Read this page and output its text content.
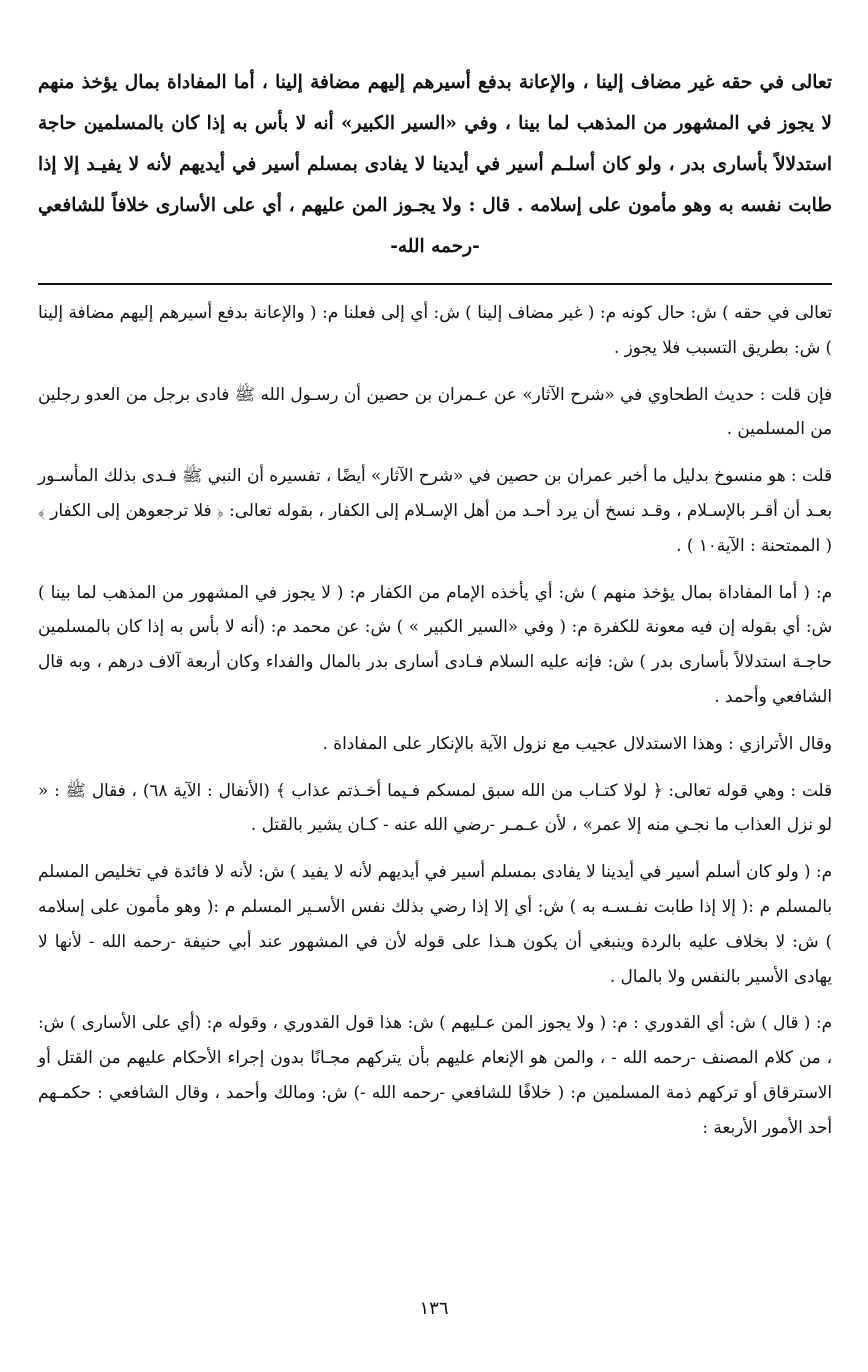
تعالى في حقه غير مضاف إلينا ، والإعانة بدفع أسيرهم إليهم مضافة إلينا ، أما المفاداة بمال يؤخذ منهم لا يجوز في المشهور من المذهب لما بينا ، وفي «السير الكبير» أنه لا بأس به إذا كان بالمسلمين حاجة استدلالاً بأسارى بدر ، ولو كان أسلـم أسير في أيدينا لا يفادى بمسلم أسير في أيديهم لأنه لا يفيـد إلا إذا طابت نفسه به وهو مأمون على إسلامه . قال : ولا يجـوز المن عليهم ، أي على الأسارى خلافاً للشافعي -رحمه الله-

تعالى في حقه ) ش: حال كونه م: ( غير مضاف إلينا ) ش: أي إلى فعلنا م: ( والإعانة بدفع أسيرهم إليهم مضافة إلينا ) ش: بطريق التسبب فلا يجوز .

فإن قلت : حديث الطحاوي في «شرح الآثار» عن عـمران بن حصين أن رسـول الله ﷺ فادى برجل من العدو رجلين من المسلمين .

قلت : هو منسوخ بدليل ما أخبر عمران بن حصين في «شرح الآثار» أيضًا ، تفسيره أن النبي ﷺ فـدى بذلك المأسـور بعـد أن أقـر بالإسـلام ، وقـد نسخ أن يرد أحـد من أهل الإسـلام إلى الكفار ، بقوله تعالى: ﴿ فلا ترجعوهن إلى الكفار ﴾ ( الممتحنة : الآية١٠ ) .

م: ( أما المفاداة بمال يؤخذ منهم ) ش: أي يأخذه الإمام من الكفار م: ( لا يجوز في المشهور من المذهب لما بينا ) ش: أي بقوله إن فيه معونة للكفرة م: ( وفي «السير الكبير » ) ش: عن محمد م: (أنه لا بأس به إذا كان بالمسلمين حاجـة استدلالاً بأسارى بدر ) ش: فإنه عليه السلام فـادى أسارى بدر بالمال والفداء وكان أربعة آلاف درهم ، وبه قال الشافعي وأحمد .

وقال الأترازي : وهذا الاستدلال عجيب مع نزول الآية بالإنكار على المفاداة .

قلت : وهي قوله تعالى: ﴿ لولا كتـاب من الله سبق لمسكم فـيما أخـذتم عذاب ﴾ (الأنفال : الآية ٦٨) ، فقال ﷺ : « لو نزل العذاب ما نجـي منه إلا عمر» ، لأن عـمـر -رضي الله عنه - كـان يشير بالقتل .

م: ( ولو كان أسلم أسير في أيدينا لا يفادى بمسلم أسير في أيديهم لأنه لا يفيد ) ش: لأنه لا فائدة في تخليص المسلم بالمسلم م :( إلا إذا طابت نفـسـه به ) ش: أي إلا إذا رضي بذلك نفس الأسـير المسلم م :( وهو مأمون على إسلامه ) ش: لا بخلاف عليه بالردة وينبغي أن يكون هـذا على قوله لأن في المشهور عند أبي حنيفة -رحمه الله - لأنها لا يهادى الأسير بالنفس ولا بالمال .

م: ( قال ) ش: أي القدوري : م: ( ولا يجوز المن عـليهم ) ش: هذا قول القدوري ، وقوله م: (أي على الأسارى ) ش: ، من كلام المصنف -رحمه الله - ، والمن هو الإنعام عليهم بأن يتركهم مجـانًا بدون إجراء الأحكام عليهم من القتل أو الاسترقاق أو تركهم ذمة المسلمين م: ( خلافًا للشافعي -رحمه الله -) ش: ومالك وأحمد ، وقال الشافعي : حكمـهم أحد الأمور الأربعة :

١٣٦
